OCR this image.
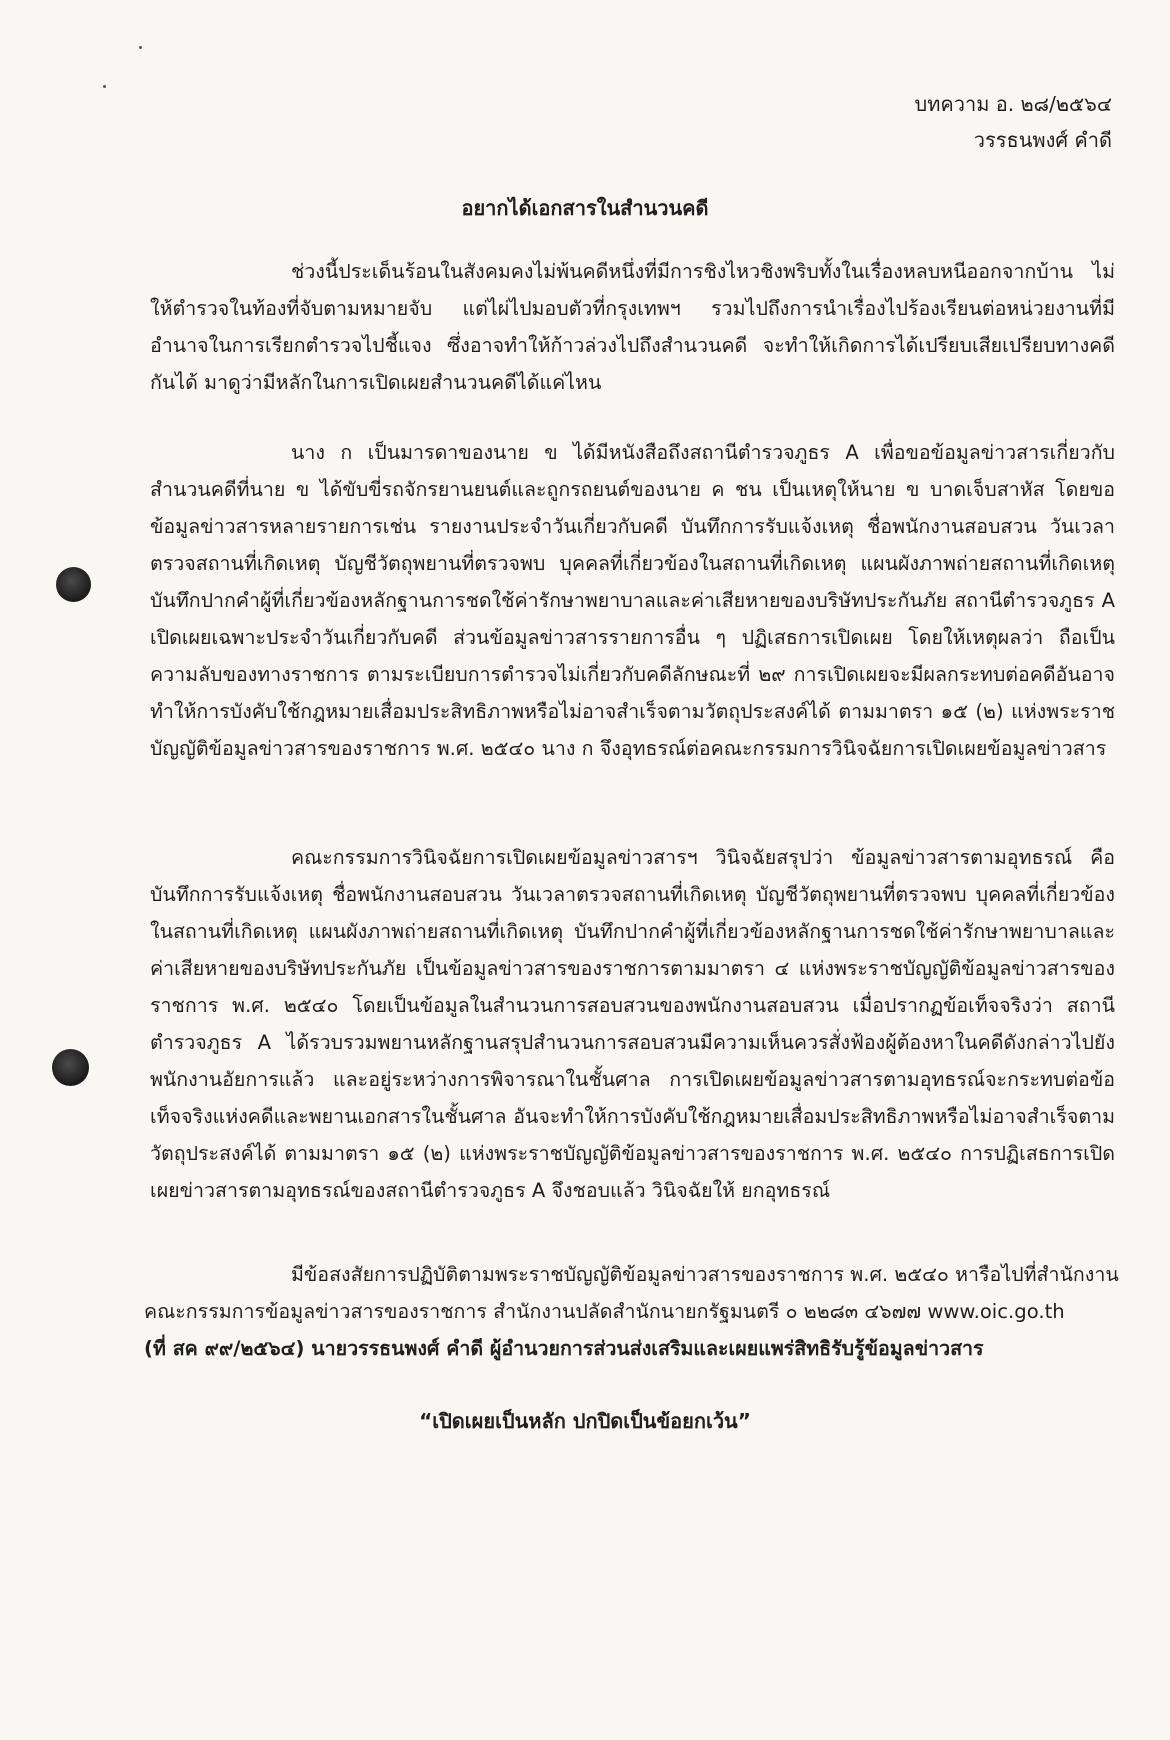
บทความ อ. ๒๘/๒๕๖๔
วรรธนพงศ์ คำดี
อยากได้เอกสารในสำนวนคดี
ช่วงนี้ประเด็นร้อนในสังคมคงไม่พ้นคดีหนึ่งที่มีการชิงไหวชิงพริบทั้งในเรื่องหลบหนีออกจากบ้าน ไม่ให้ตำรวจในท้องที่จับตามหมายจับ แต่ไผ่ไปมอบตัวที่กรุงเทพฯ รวมไปถึงการนำเรื่องไปร้องเรียนต่อหน่วยงานที่มีอำนาจในการเรียกตำรวจไปชี้แจง ซึ่งอาจทำให้ก้าวล่วงไปถึงสำนวนคดี จะทำให้เกิดการได้เปรียบเสียเปรียบทางคดีกันได้ มาดูว่ามีหลักในการเปิดเผยสำนวนคดีได้แค่ไหน
นาง ก เป็นมารดาของนาย ข ได้มีหนังสือถึงสถานีตำรวจภูธร A เพื่อขอข้อมูลข่าวสารเกี่ยวกับสำนวนคดีที่นาย ข ได้ขับขี่รถจักรยานยนต์และถูกรถยนต์ของนาย ค ชน เป็นเหตุให้นาย ข บาดเจ็บสาหัส โดยขอข้อมูลข่าวสารหลายรายการเช่น รายงานประจำวันเกี่ยวกับคดี บันทึกการรับแจ้งเหตุ ชื่อพนักงานสอบสวน วันเวลาตรวจสถานที่เกิดเหตุ บัญชีวัตถุพยานที่ตรวจพบ บุคคลที่เกี่ยวข้องในสถานที่เกิดเหตุ แผนผังภาพถ่ายสถานที่เกิดเหตุ บันทึกปากคำผู้ที่เกี่ยวข้องหลักฐานการชดใช้ค่ารักษาพยาบาลและค่าเสียหายของบริษัทประกันภัย สถานีตำรวจภูธร A เปิดเผยเฉพาะประจำวันเกี่ยวกับคดี ส่วนข้อมูลข่าวสารรายการอื่น ๆ ปฏิเสธการเปิดเผย โดยให้เหตุผลว่า ถือเป็นความลับของทางราชการ ตามระเบียบการตำรวจไม่เกี่ยวกับคดีลักษณะที่ ๒๙ การเปิดเผยจะมีผลกระทบต่อคดีอันอาจทำให้การบังคับใช้กฎหมายเสื่อมประสิทธิภาพหรือไม่อาจสำเร็จตามวัตถุประสงค์ได้ ตามมาตรา ๑๕ (๒) แห่งพระราชบัญญัติข้อมูลข่าวสารของราชการ พ.ศ. ๒๕๔๐ นาง ก จึงอุทธรณ์ต่อคณะกรรมการวินิจฉัยการเปิดเผยข้อมูลข่าวสาร
คณะกรรมการวินิจฉัยการเปิดเผยข้อมูลข่าวสารฯ วินิจฉัยสรุปว่า ข้อมูลข่าวสารตามอุทธรณ์ คือ บันทึกการรับแจ้งเหตุ ชื่อพนักงานสอบสวน วันเวลาตรวจสถานที่เกิดเหตุ บัญชีวัตถุพยานที่ตรวจพบ บุคคลที่เกี่ยวข้องในสถานที่เกิดเหตุ แผนผังภาพถ่ายสถานที่เกิดเหตุ บันทึกปากคำผู้ที่เกี่ยวข้องหลักฐานการชดใช้ค่ารักษาพยาบาลและค่าเสียหายของบริษัทประกันภัย เป็นข้อมูลข่าวสารของราชการตามมาตรา ๔ แห่งพระราชบัญญัติข้อมูลข่าวสารของราชการ พ.ศ. ๒๕๔๐ โดยเป็นข้อมูลในสำนวนการสอบสวนของพนักงานสอบสวน เมื่อปรากฏข้อเท็จจริงว่า สถานีตำรวจภูธร A ได้รวบรวมพยานหลักฐานสรุปสำนวนการสอบสวนมีความเห็นควรสั่งฟ้องผู้ต้องหาในคดีดังกล่าวไปยังพนักงานอัยการแล้ว และอยู่ระหว่างการพิจารณาในชั้นศาล การเปิดเผยข้อมูลข่าวสารตามอุทธรณ์จะกระทบต่อข้อเท็จจริงแห่งคดีและพยานเอกสารในชั้นศาล อันจะทำให้การบังคับใช้กฎหมายเสื่อมประสิทธิภาพหรือไม่อาจสำเร็จตามวัตถุประสงค์ได้ ตามมาตรา ๑๕ (๒) แห่งพระราชบัญญัติข้อมูลข่าวสารของราชการ พ.ศ. ๒๕๔๐ การปฏิเสธการเปิดเผยข่าวสารตามอุทธรณ์ของสถานีตำรวจภูธร A จึงชอบแล้ว วินิจฉัยให้ ยกอุทธรณ์
มีข้อสงสัยการปฏิบัติตามพระราชบัญญัติข้อมูลข่าวสารของราชการ พ.ศ. ๒๕๔๐ หารือไปที่สำนักงาน
คณะกรรมการข้อมูลข่าวสารของราชการ สำนักงานปลัดสำนักนายกรัฐมนตรี ๐ ๒๒๘๓ ๔๖๗๗ www.oic.go.th
(ที่ สค ๙๙/๒๕๖๔) นายวรรธนพงศ์ คำดี ผู้อำนวยการส่วนส่งเสริมและเผยแพร่สิทธิรับรู้ข้อมูลข่าวสาร
“เปิดเผยเป็นหลัก ปกปิดเป็นข้อยกเว้น”
